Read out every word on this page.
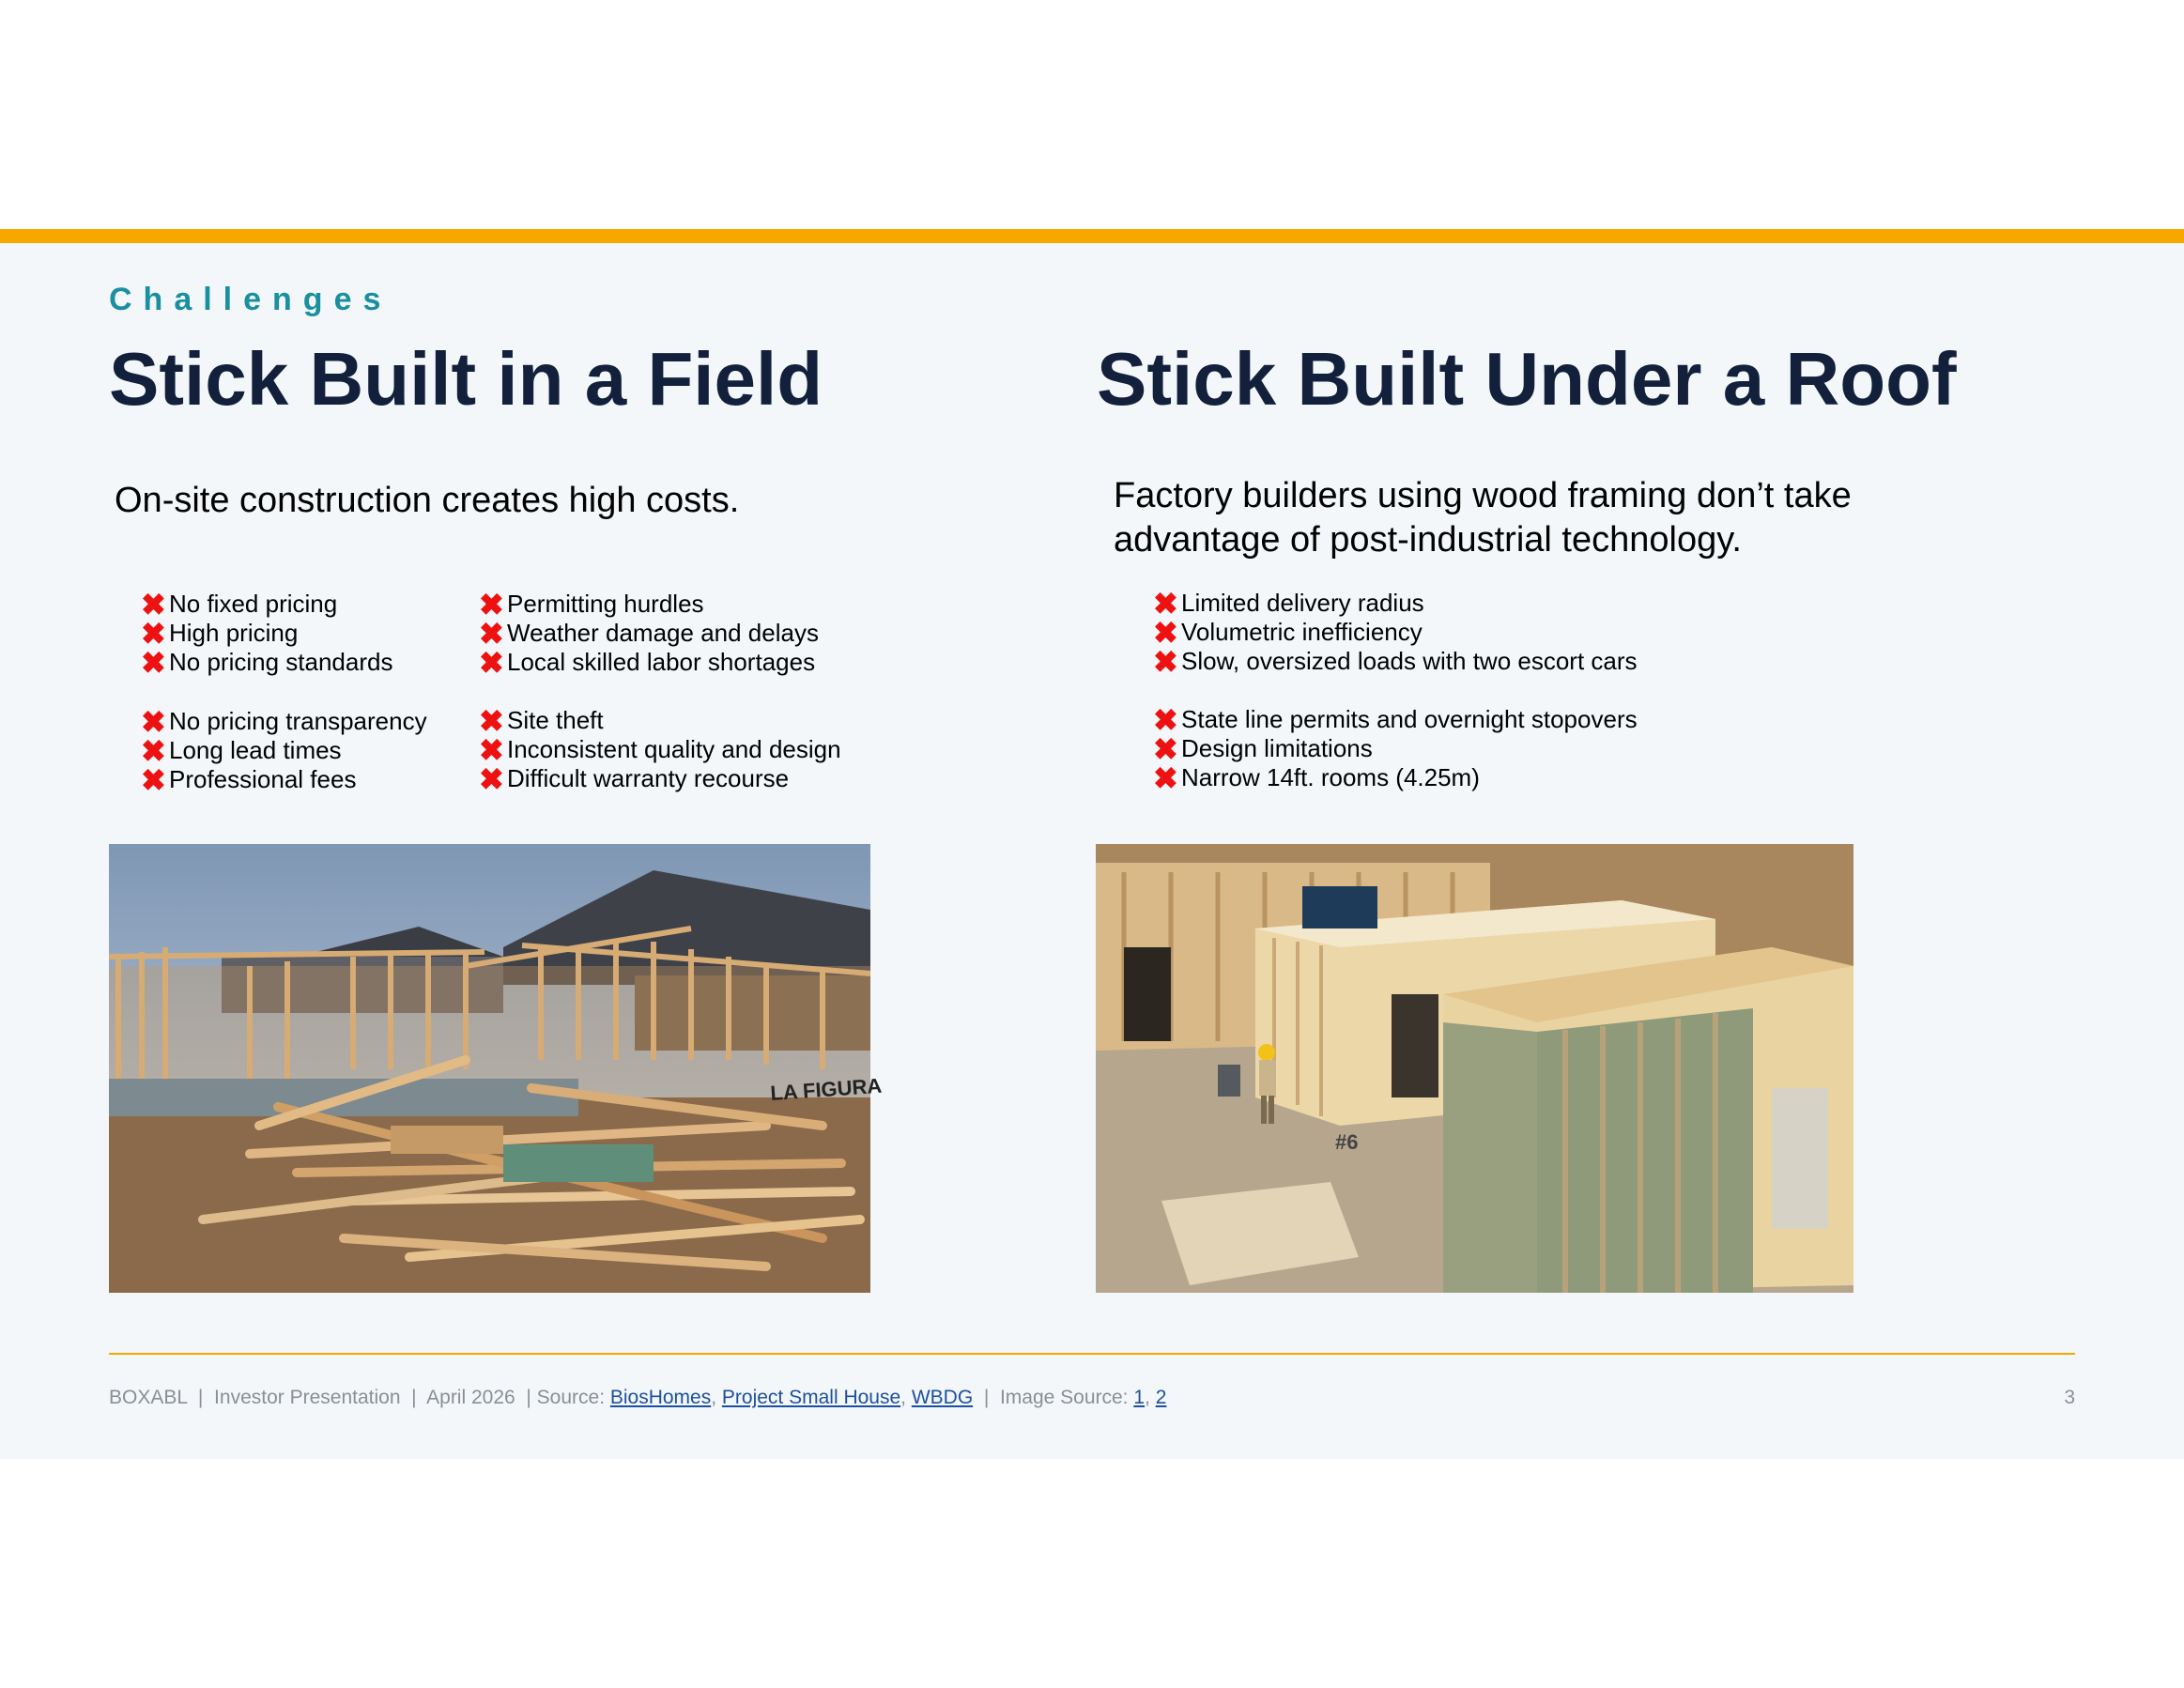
Challenges
Stick Built in a Field	Stick Built Under a Roof
On-site construction creates high costs.	Factory builders using wood framing don’t take advantage of post-industrial technology.
✖ No fixed pricing
✖ High pricing
✖ No pricing standards
✖ No pricing transparency
✖ Long lead times
✖ Professional fees
✖ Permitting hurdles
✖ Weather damage and delays
✖ Local skilled labor shortages
✖ Site theft
✖ Inconsistent quality and design
✖ Difficult warranty recourse
✖ Limited delivery radius
✖ Volumetric inefficiency
✖ Slow, oversized loads with two escort cars
✖ State line permits and overnight stopovers
✖ Design limitations
✖ Narrow 14ft. rooms (4.25m)
LA FIGURA
#6
BOXABL  |  Investor Presentation  |  April 2026  | Source: BiosHomes, Project Small House, WBDG  |  Image Source: 1, 2	3
